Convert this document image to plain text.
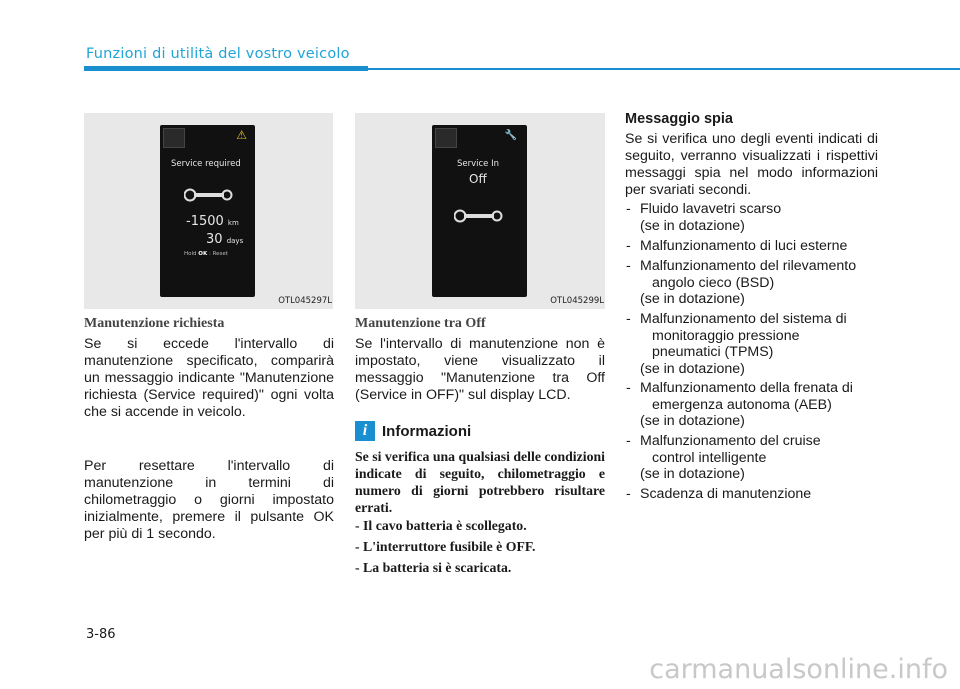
Funzioni di utilità del vostro veicolo
⚠
Service required
-1500 km
30 days
Hold OK : Reset
OTL045297L
🔧
Service In
Off
OTL045299L
Manutenzione richiesta
Se si eccede l'intervallo di manutenzione specificato, comparirà un messaggio indicante "Manutenzione richiesta (Service required)" ogni volta che si accende in veicolo.
Per resettare l'intervallo di manutenzione in termini di chilometraggio o giorni impostato inizialmente, premere il pulsante OK per più di 1 secondo.
Manutenzione tra Off
Se l'intervallo di manutenzione non è impostato, viene visualizzato il messaggio "Manutenzione tra Off (Service in OFF)" sul display LCD.
i Informazioni
Se si verifica una qualsiasi delle condizioni indicate di seguito, chilometraggio e numero di giorni potrebbero risultare errati.
- Il cavo batteria è scollegato.
- L'interruttore fusibile è OFF.
- La batteria si è scaricata.
Messaggio spia
Se si verifica uno degli eventi indicati di seguito, verranno visualizzati i rispettivi messaggi spia nel modo informazioni per svariati secondi.
- Fluido lavavetri scarso
(se in dotazione)
- Malfunzionamento di luci esterne
- Malfunzionamento del rilevamento
angolo cieco (BSD)
(se in dotazione)
- Malfunzionamento del sistema di
monitoraggio pressione
pneumatici (TPMS)
(se in dotazione)
- Malfunzionamento della frenata di
emergenza autonoma (AEB)
(se in dotazione)
- Malfunzionamento del cruise
control intelligente
(se in dotazione)
- Scadenza di manutenzione
3-86
carmanualsonline.info
